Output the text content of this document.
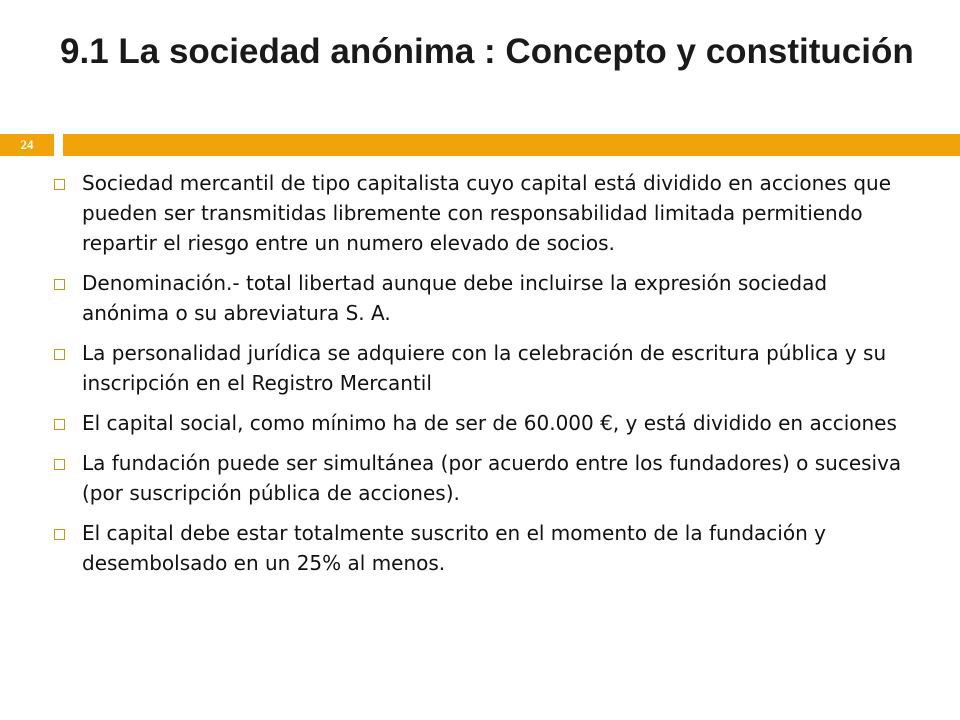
9.1 La sociedad anónima : Concepto y constitución
24
Sociedad mercantil de tipo capitalista cuyo capital está dividido en acciones que pueden ser transmitidas libremente con responsabilidad limitada permitiendo repartir el riesgo entre un numero elevado de socios.
Denominación.- total libertad aunque debe incluirse la expresión sociedad anónima o su abreviatura S. A.
La personalidad jurídica se adquiere con la celebración de escritura pública y su inscripción en el Registro Mercantil
El capital social, como mínimo ha de ser de 60.000 €, y está dividido en acciones
La fundación puede ser simultánea (por acuerdo entre los fundadores) o sucesiva (por suscripción pública de acciones).
El capital debe estar totalmente suscrito en el momento de la fundación y desembolsado en un 25% al menos.
